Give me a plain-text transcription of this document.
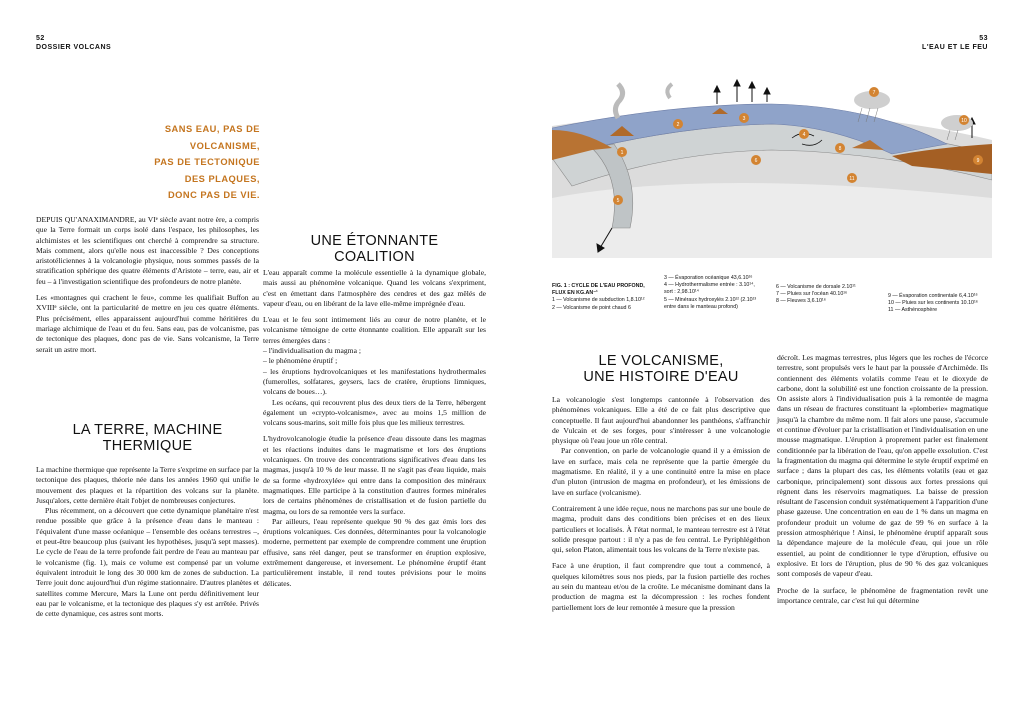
52
DOSSIER VOLCANS
SANS EAU, PAS DE
VOLCANISME,
PAS DE TECTONIQUE
DES PLAQUES,
DONC PAS DE VIE.

DEPUIS QU'ANAXIMANDRE, au VIᵉ siècle avant notre ère, a compris que la Terre formait un corps isolé dans l'espace, les philosophes, les alchimistes et les scientifiques ont cherché à comprendre sa structure. Mais comment, alors qu'elle nous est inaccessible ? Des conceptions aristotéliciennes à la volcanologie physique, nous sommes passés de la stratification sphérique des quatre éléments d'Aristote – terre, eau, air et feu – à l'investigation scientifique des profondeurs de notre planète.

Les «montagnes qui crachent le feu», comme les qualifiait Buffon au XVIIIᵉ siècle, ont la particularité de mettre en jeu ces quatre éléments. Plus précisément, elles apparaissent aujourd'hui comme héritières du mariage alchimique de l'eau et du feu. Sans eau, pas de volcanisme, pas de tectonique des plaques, donc pas de vie. Sans volcanisme, la Terre serait un astre mort.

LA TERRE, MACHINE
THERMIQUE

La machine thermique que représente la Terre s'exprime en surface par la tectonique des plaques, théorie née dans les années 1960 qui unifie le mouvement des plaques et la répartition des volcans sur la planète. Jusqu'alors, cette dernière était l'objet de nombreuses conjectures.

Plus récemment, on a découvert que cette dynamique planétaire n'est rendue possible que grâce à la présence d'eau dans le manteau : l'équivalent d'une masse océanique – l'ensemble des océans terrestres –, et peut-être beaucoup plus (suivant les hypothèses, jusqu'à sept masses). Le cycle de l'eau de la terre profonde fait perdre de l'eau au manteau par le volcanisme (fig. 1), mais ce volume est compensé par un volume équivalent introduit le long des 30 000 km de zones de subduction. La Terre jouit donc aujourd'hui d'un régime stationnaire. D'autres planètes et satellites comme Mercure, Mars la Lune ont perdu définitivement leur eau par le volcanisme, et la tectonique des plaques s'y est arrêtée. Privés de cette dynamique, ces astres sont morts.

UNE ÉTONNANTE
COALITION

L'eau apparaît comme la molécule essentielle à la dynamique globale, mais aussi au phénomène volcanique. Quand les volcans s'expriment, c'est en émettant dans l'atmosphère des cendres et des gaz mêlés de vapeur d'eau, ou en libérant de la lave elle-même imprégnée d'eau.

L'eau et le feu sont intimement liés au cœur de notre planète, et le volcanisme témoigne de cette étonnante coalition. Elle apparaît sur les terres émergées dans :

– l'individualisation du magma ;

– le phénomène éruptif ;

– les éruptions hydrovolcaniques et les manifestations hydrothermales (fumerolles, solfatares, geysers, lacs de cratère, éruptions limniques, volcans de boues…).

Les océans, qui recouvrent plus des deux tiers de la Terre, hébergent également un «crypto-volcanisme», avec au moins 1,5 million de volcans sous-marins, soit mille fois plus que les milieux terrestres.

L'hydrovolcanologie étudie la présence d'eau dissoute dans les magmas et les réactions induites dans le magmatisme et lors des éruptions volcaniques. On trouve des concentrations significatives d'eau dans les magmas, jusqu'à 10 % de leur masse. Il ne s'agit pas d'eau liquide, mais de sa forme «hydroxylée» qui entre dans la composition des minéraux magmatiques. Elle participe à la constitution d'autres formes minérales lors de certains phénomènes de cristallisation et de fusion partielle du magma, ou lors de sa remontée vers la surface.

Par ailleurs, l'eau représente quelque 90 % des gaz émis lors des éruptions volcaniques. Ces données, déterminantes pour la volcanologie moderne, permettent par exemple de comprendre comment une éruption effusive, sans réel danger, peut se transformer en éruption explosive, extrêmement dangereuse, et inversement. Le phénomène éruptif étant particulièrement instable, il rend toutes prévisions pour le moins délicates.

53
L'EAU ET LE FEU
1
2
3
4
5
6
7
8
9
10
11
FIG. 1 : CYCLE DE L'EAU PROFOND, FLUX EN KG.AN⁻¹
1 — Volcanisme de subduction 1,8.10¹²
2 — Volcanisme de point chaud 6
3 — Évaporation océanique 43,6.10¹⁶
4 — Hydrothermalisme entrée : 3.10¹⁴, sort : 2,98.10¹⁴
5 — Minéraux hydroxylés 2.10¹² (2.10¹³ entre dans le manteau profond)
6 — Volcanisme de dorsale 2.10¹¹
7 — Pluies sur l'océan 40.10¹⁶
8 — Fleuves 3,6.10¹⁶
9 — Évaporation continentale 6,4.10¹⁶
10 — Pluies sur les continents 10.10¹⁶
11 — Asthénosphère
LE VOLCANISME,
UNE HISTOIRE D'EAU

La volcanologie s'est longtemps cantonnée à l'observation des phénomènes volcaniques. Elle a été de ce fait plus descriptive que conceptuelle. Il faut aujourd'hui abandonner les panthéons, s'affranchir de Vulcain et de ses forges, pour s'intéresser à une volcanologie physique où l'eau joue un rôle central.

Par convention, on parle de volcanologie quand il y a émission de lave en surface, mais cela ne représente que la partie émergée du magmatisme. En réalité, il y a une continuité entre la mise en place d'un pluton (intrusion de magma en profondeur), et les émissions de lave en surface (volcanisme).

Contrairement à une idée reçue, nous ne marchons pas sur une boule de magma, produit dans des conditions bien précises et en des lieux particuliers et localisés. À l'état normal, le manteau terrestre est à l'état solide presque partout : il n'y a pas de feu central. Le Pyriphlégéthon qui, selon Platon, alimentait tous les volcans de la Terre n'existe pas.

Face à une éruption, il faut comprendre que tout a commencé, à quelques kilomètres sous nos pieds, par la fusion partielle des roches au sein du manteau et/ou de la croûte. Le mécanisme dominant dans la production de magma est la décompression : les roches fondent partiellement lors de leur remontée à mesure que la pression

décroît. Les magmas terrestres, plus légers que les roches de l'écorce terrestre, sont propulsés vers le haut par la poussée d'Archimède. Ils contiennent des éléments volatils comme l'eau et le dioxyde de carbone, dont la solubilité est une fonction croissante de la pression. On assiste alors à l'individualisation puis à la remontée de magma dans un réseau de fractures constituant la «plomberie» magmatique jusqu'à la chambre du même nom. Il fait alors une pause, s'accumule et continue d'évoluer par la cristallisation et l'individualisation en une mousse magmatique. L'éruption à proprement parler est finalement conditionnée par la libération de l'eau, qu'on appelle exsolution. C'est la fragmentation du magma qui détermine le style éruptif exprimé en surface ; dans la plupart des cas, les éléments volatils (eau et gaz carbonique, principalement) sont dissous aux fortes pressions qui règnent dans les réservoirs magmatiques. La baisse de pression résultant de l'ascension conduit systématiquement à l'apparition d'une phase gazeuse. Une concentration en eau de 1 % dans un magma en profondeur produit un volume de gaz de 99 % en surface à la pression atmosphérique ! Ainsi, le phénomène éruptif apparaît sous la dépendance majeure de la molécule d'eau, qui joue un rôle essentiel, au point de conditionner le type d'éruption, effusive ou explosive. Et lors de l'éruption, plus de 90 % des gaz volcaniques sont composés de vapeur d'eau.

Proche de la surface, le phénomène de fragmentation revêt une importance centrale, car c'est lui qui détermine
